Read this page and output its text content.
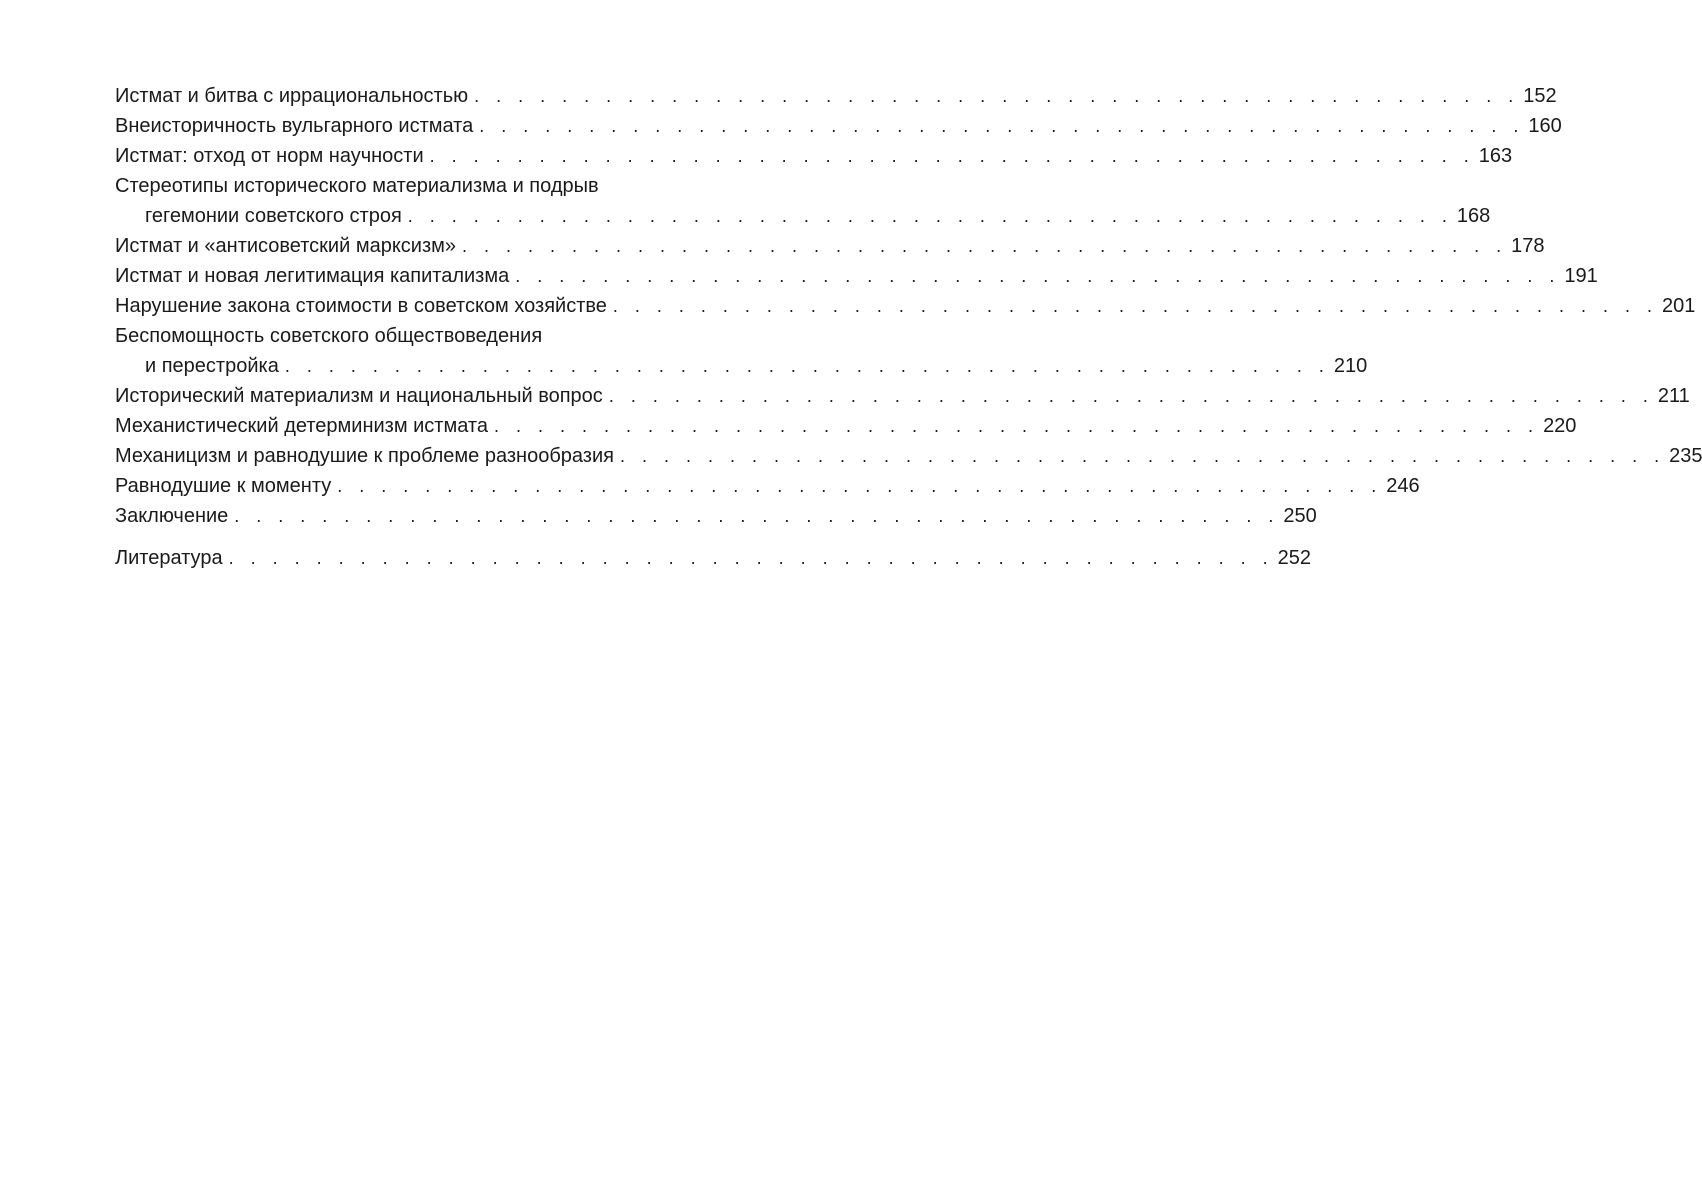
Истмат и битва с иррациональностью . . . . . . . . . . . . . . . . . . . . . . . . . . . . . . . . . . . . . . . . . . . . . . . . 152
Внеисторичность вульгарного истмата . . . . . . . . . . . . . . . . . . . . . . . . . . . . . . . . . . . . . . . . . . . . . . . . 160
Истмат: отход от норм научности . . . . . . . . . . . . . . . . . . . . . . . . . . . . . . . . . . . . . . . . . . . . . . . . 163
Стереотипы исторического материализма и подрыв
гегемонии советского строя . . . . . . . . . . . . . . . . . . . . . . . . . . . . . . . . . . . . . . . . . . . . . . . . 168
Истмат и «антисоветский марксизм» . . . . . . . . . . . . . . . . . . . . . . . . . . . . . . . . . . . . . . . . . . . . . . . . 178
Истмат и новая легитимация капитализма . . . . . . . . . . . . . . . . . . . . . . . . . . . . . . . . . . . . . . . . . . . . . . . . 191
Нарушение закона стоимости в советском хозяйстве . . . . . . . . . . . . . . . . . . . . . . . . . . . . . . . . . . . . . . . . . . . . . . . . 201
Беспомощность советского обществоведения
и перестройка . . . . . . . . . . . . . . . . . . . . . . . . . . . . . . . . . . . . . . . . . . . . . . . . 210
Исторический материализм и национальный вопрос . . . . . . . . . . . . . . . . . . . . . . . . . . . . . . . . . . . . . . . . . . . . . . . . 211
Механистический детерминизм истмата . . . . . . . . . . . . . . . . . . . . . . . . . . . . . . . . . . . . . . . . . . . . . . . . 220
Механицизм и равнодушие к проблеме разнообразия . . . . . . . . . . . . . . . . . . . . . . . . . . . . . . . . . . . . . . . . . . . . . . . . 235
Равнодушие к моменту . . . . . . . . . . . . . . . . . . . . . . . . . . . . . . . . . . . . . . . . . . . . . . . . 246
Заключение . . . . . . . . . . . . . . . . . . . . . . . . . . . . . . . . . . . . . . . . . . . . . . . . 250
Литература . . . . . . . . . . . . . . . . . . . . . . . . . . . . . . . . . . . . . . . . . . . . . . . . 252
